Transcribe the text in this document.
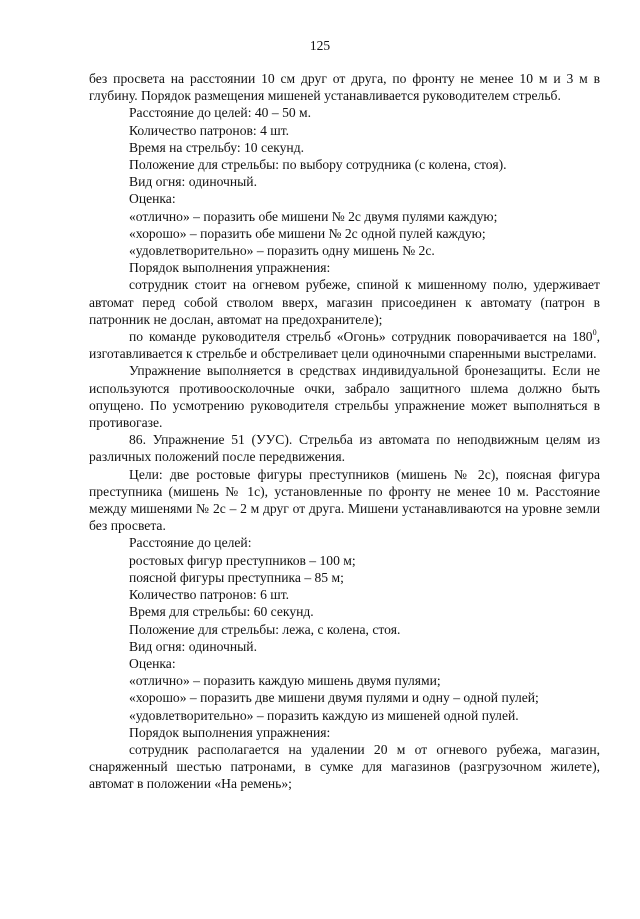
125

без просвета на расстоянии 10 см друг от друга, по фронту не менее 10 м и 3 м в глубину. Порядок размещения мишеней устанавливается руководителем стрельб.

Расстояние до целей: 40 – 50 м.

Количество патронов: 4 шт.

Время на стрельбу: 10 секунд.

Положение для стрельбы: по выбору сотрудника (с колена, стоя).

Вид огня: одиночный.

Оценка:

«отлично» – поразить обе мишени № 2с двумя пулями каждую;

«хорошо» – поразить обе мишени № 2с одной пулей каждую;

«удовлетворительно» – поразить одну мишень № 2с.

Порядок выполнения упражнения:

сотрудник стоит на огневом рубеже, спиной к мишенному полю, удерживает автомат перед собой стволом вверх, магазин присоединен к автомату (патрон в патронник не дослан, автомат на предохранителе);

по команде руководителя стрельб «Огонь» сотрудник поворачивается на $180^0$, изготавливается к стрельбе и обстреливает цели одиночными спаренными выстрелами.

Упражнение выполняется в средствах индивидуальной бронезащиты. Если не используются противоосколочные очки, забрало защитного шлема должно быть опущено. По усмотрению руководителя стрельбы упражнение может выполняться в противогазе.

86. Упражнение 51 (УУС). Стрельба из автомата по неподвижным целям из различных положений после передвижения.

Цели: две ростовые фигуры преступников (мишень № 2с), поясная фигура преступника (мишень № 1с), установленные по фронту не менее 10 м. Расстояние между мишенями № 2с – 2 м друг от друга. Мишени устанавливаются на уровне земли без просвета.

Расстояние до целей:

ростовых фигур преступников – 100 м;

поясной фигуры преступника – 85 м;

Количество патронов: 6 шт.

Время для стрельбы: 60 секунд.

Положение для стрельбы: лежа, с колена, стоя.

Вид огня: одиночный.

Оценка:

«отлично» – поразить каждую мишень двумя пулями;

«хорошо» – поразить две мишени двумя пулями и одну – одной пулей;

«удовлетворительно» – поразить каждую из мишеней одной пулей.

Порядок выполнения упражнения:

сотрудник располагается на удалении 20 м от огневого рубежа, магазин, снаряженный шестью патронами, в сумке для магазинов (разгрузочном жилете), автомат в положении «На ремень»;
